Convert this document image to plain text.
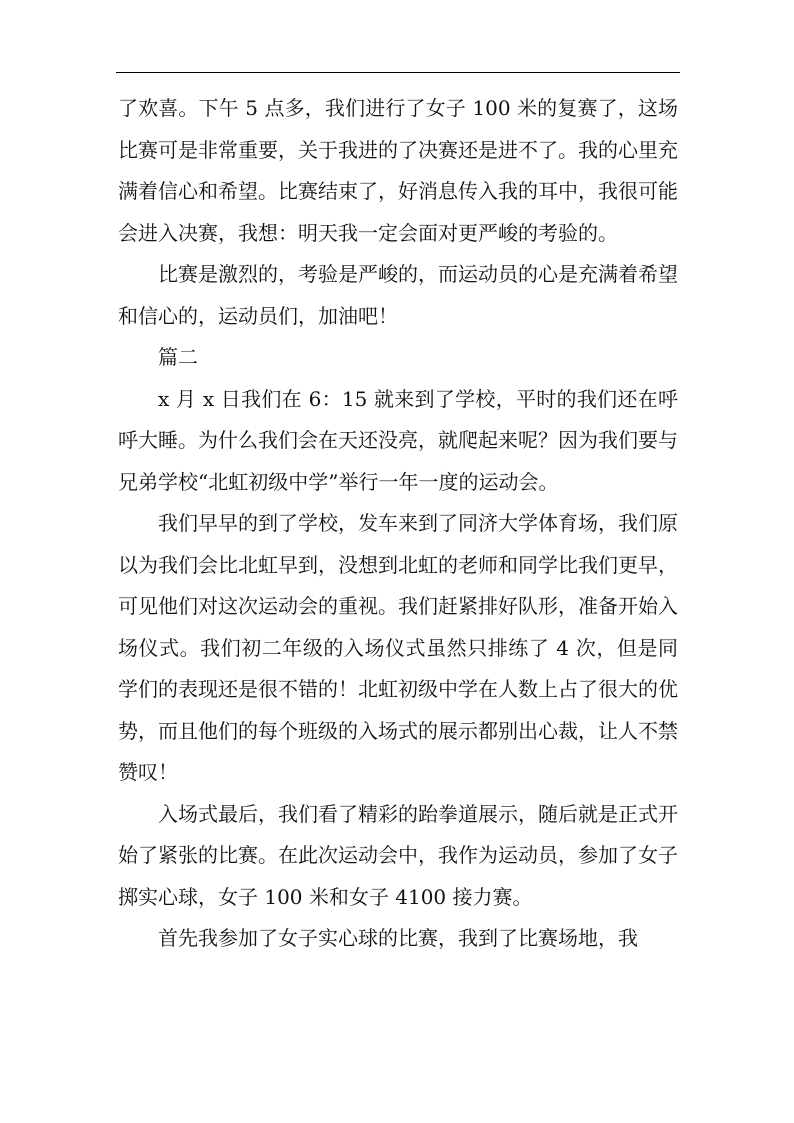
了欢喜。下午 5 点多，我们进行了女子 100 米的复赛了，这场比赛可是非常重要，关于我进的了决赛还是进不了。我的心里充满着信心和希望。比赛结束了，好消息传入我的耳中，我很可能会进入决赛，我想：明天我一定会面对更严峻的考验的。

比赛是激烈的，考验是严峻的，而运动员的心是充满着希望和信心的，运动员们，加油吧！

篇二

x 月 x 日我们在 6：15 就来到了学校，平时的我们还在呼呼大睡。为什么我们会在天还没亮，就爬起来呢？因为我们要与兄弟学校“北虹初级中学”举行一年一度的运动会。

我们早早的到了学校，发车来到了同济大学体育场，我们原以为我们会比北虹早到，没想到北虹的老师和同学比我们更早，可见他们对这次运动会的重视。我们赶紧排好队形，准备开始入场仪式。我们初二年级的入场仪式虽然只排练了 4 次，但是同学们的表现还是很不错的！北虹初级中学在人数上占了很大的优势，而且他们的每个班级的入场式的展示都别出心裁，让人不禁赞叹！

入场式最后，我们看了精彩的跆拳道展示，随后就是正式开始了紧张的比赛。在此次运动会中，我作为运动员，参加了女子掷实心球，女子 100 米和女子 4100 接力赛。

首先我参加了女子实心球的比赛，我到了比赛场地，我
